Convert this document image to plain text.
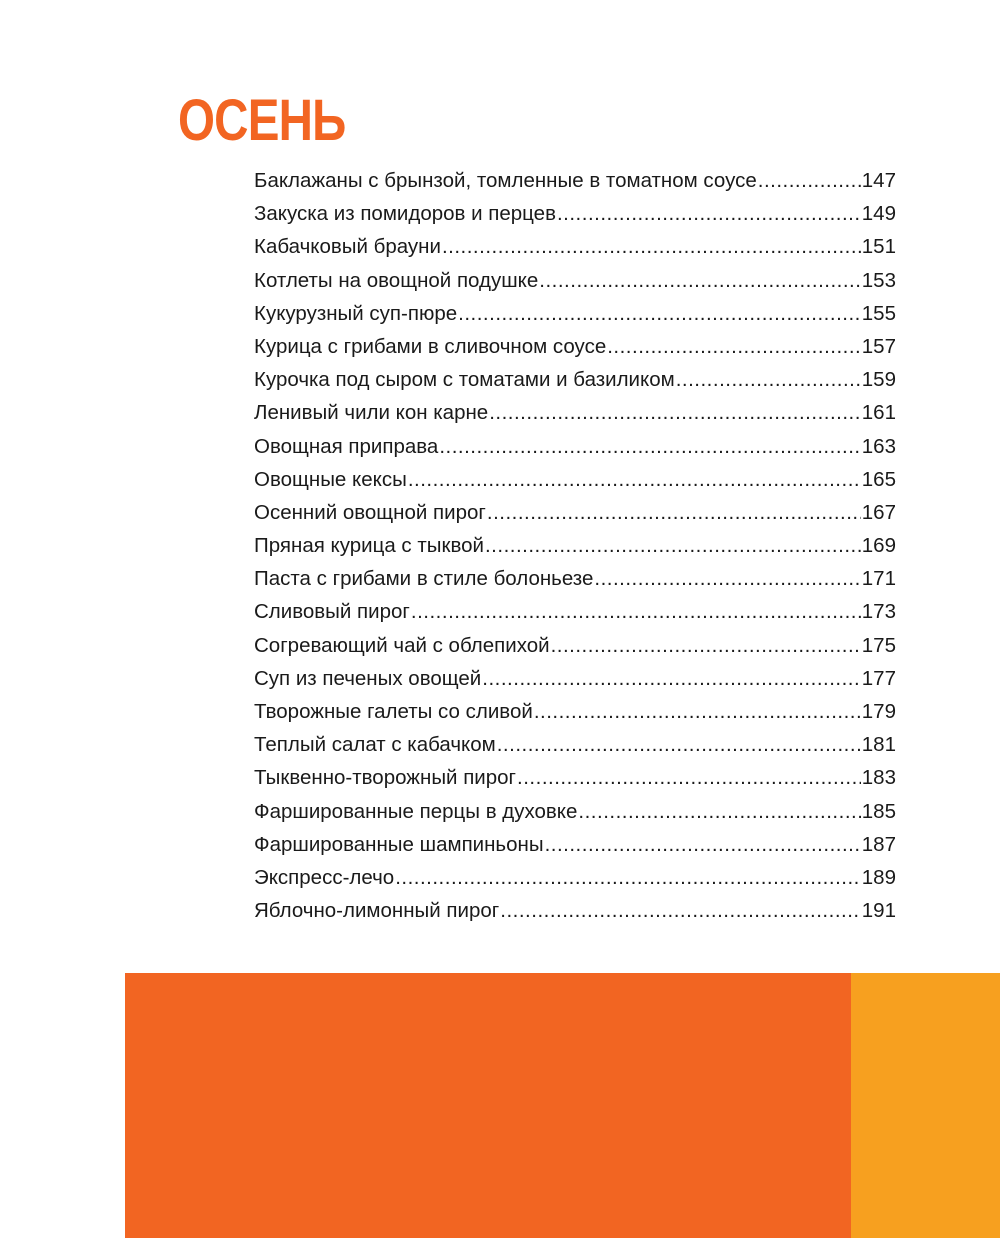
ОСЕНЬ
Баклажаны с брынзой, томленные в томатном соусе .....	147
Закуска из помидоров и перцев .....	149
Кабачковый брауни .....	151
Котлеты на овощной подушке .....	153
Кукурузный суп-пюре .....	155
Курица с грибами в сливочном соусе .....	157
Курочка под сыром с томатами и базиликом .....	159
Ленивый чили кон карне .....	161
Овощная приправа .....	163
Овощные кексы .....	165
Осенний овощной пирог .....	167
Пряная курица с тыквой .....	169
Паста с грибами в стиле болоньезе .....	171
Сливовый пирог .....	173
Согревающий чай с облепихой .....	175
Суп из печеных овощей .....	177
Творожные галеты со сливой .....	179
Теплый салат с кабачком .....	181
Тыквенно-творожный пирог .....	183
Фаршированные перцы в духовке .....	185
Фаршированные шампиньоны .....	187
Экспресс-лечо .....	189
Яблочно-лимонный пирог .....	191
